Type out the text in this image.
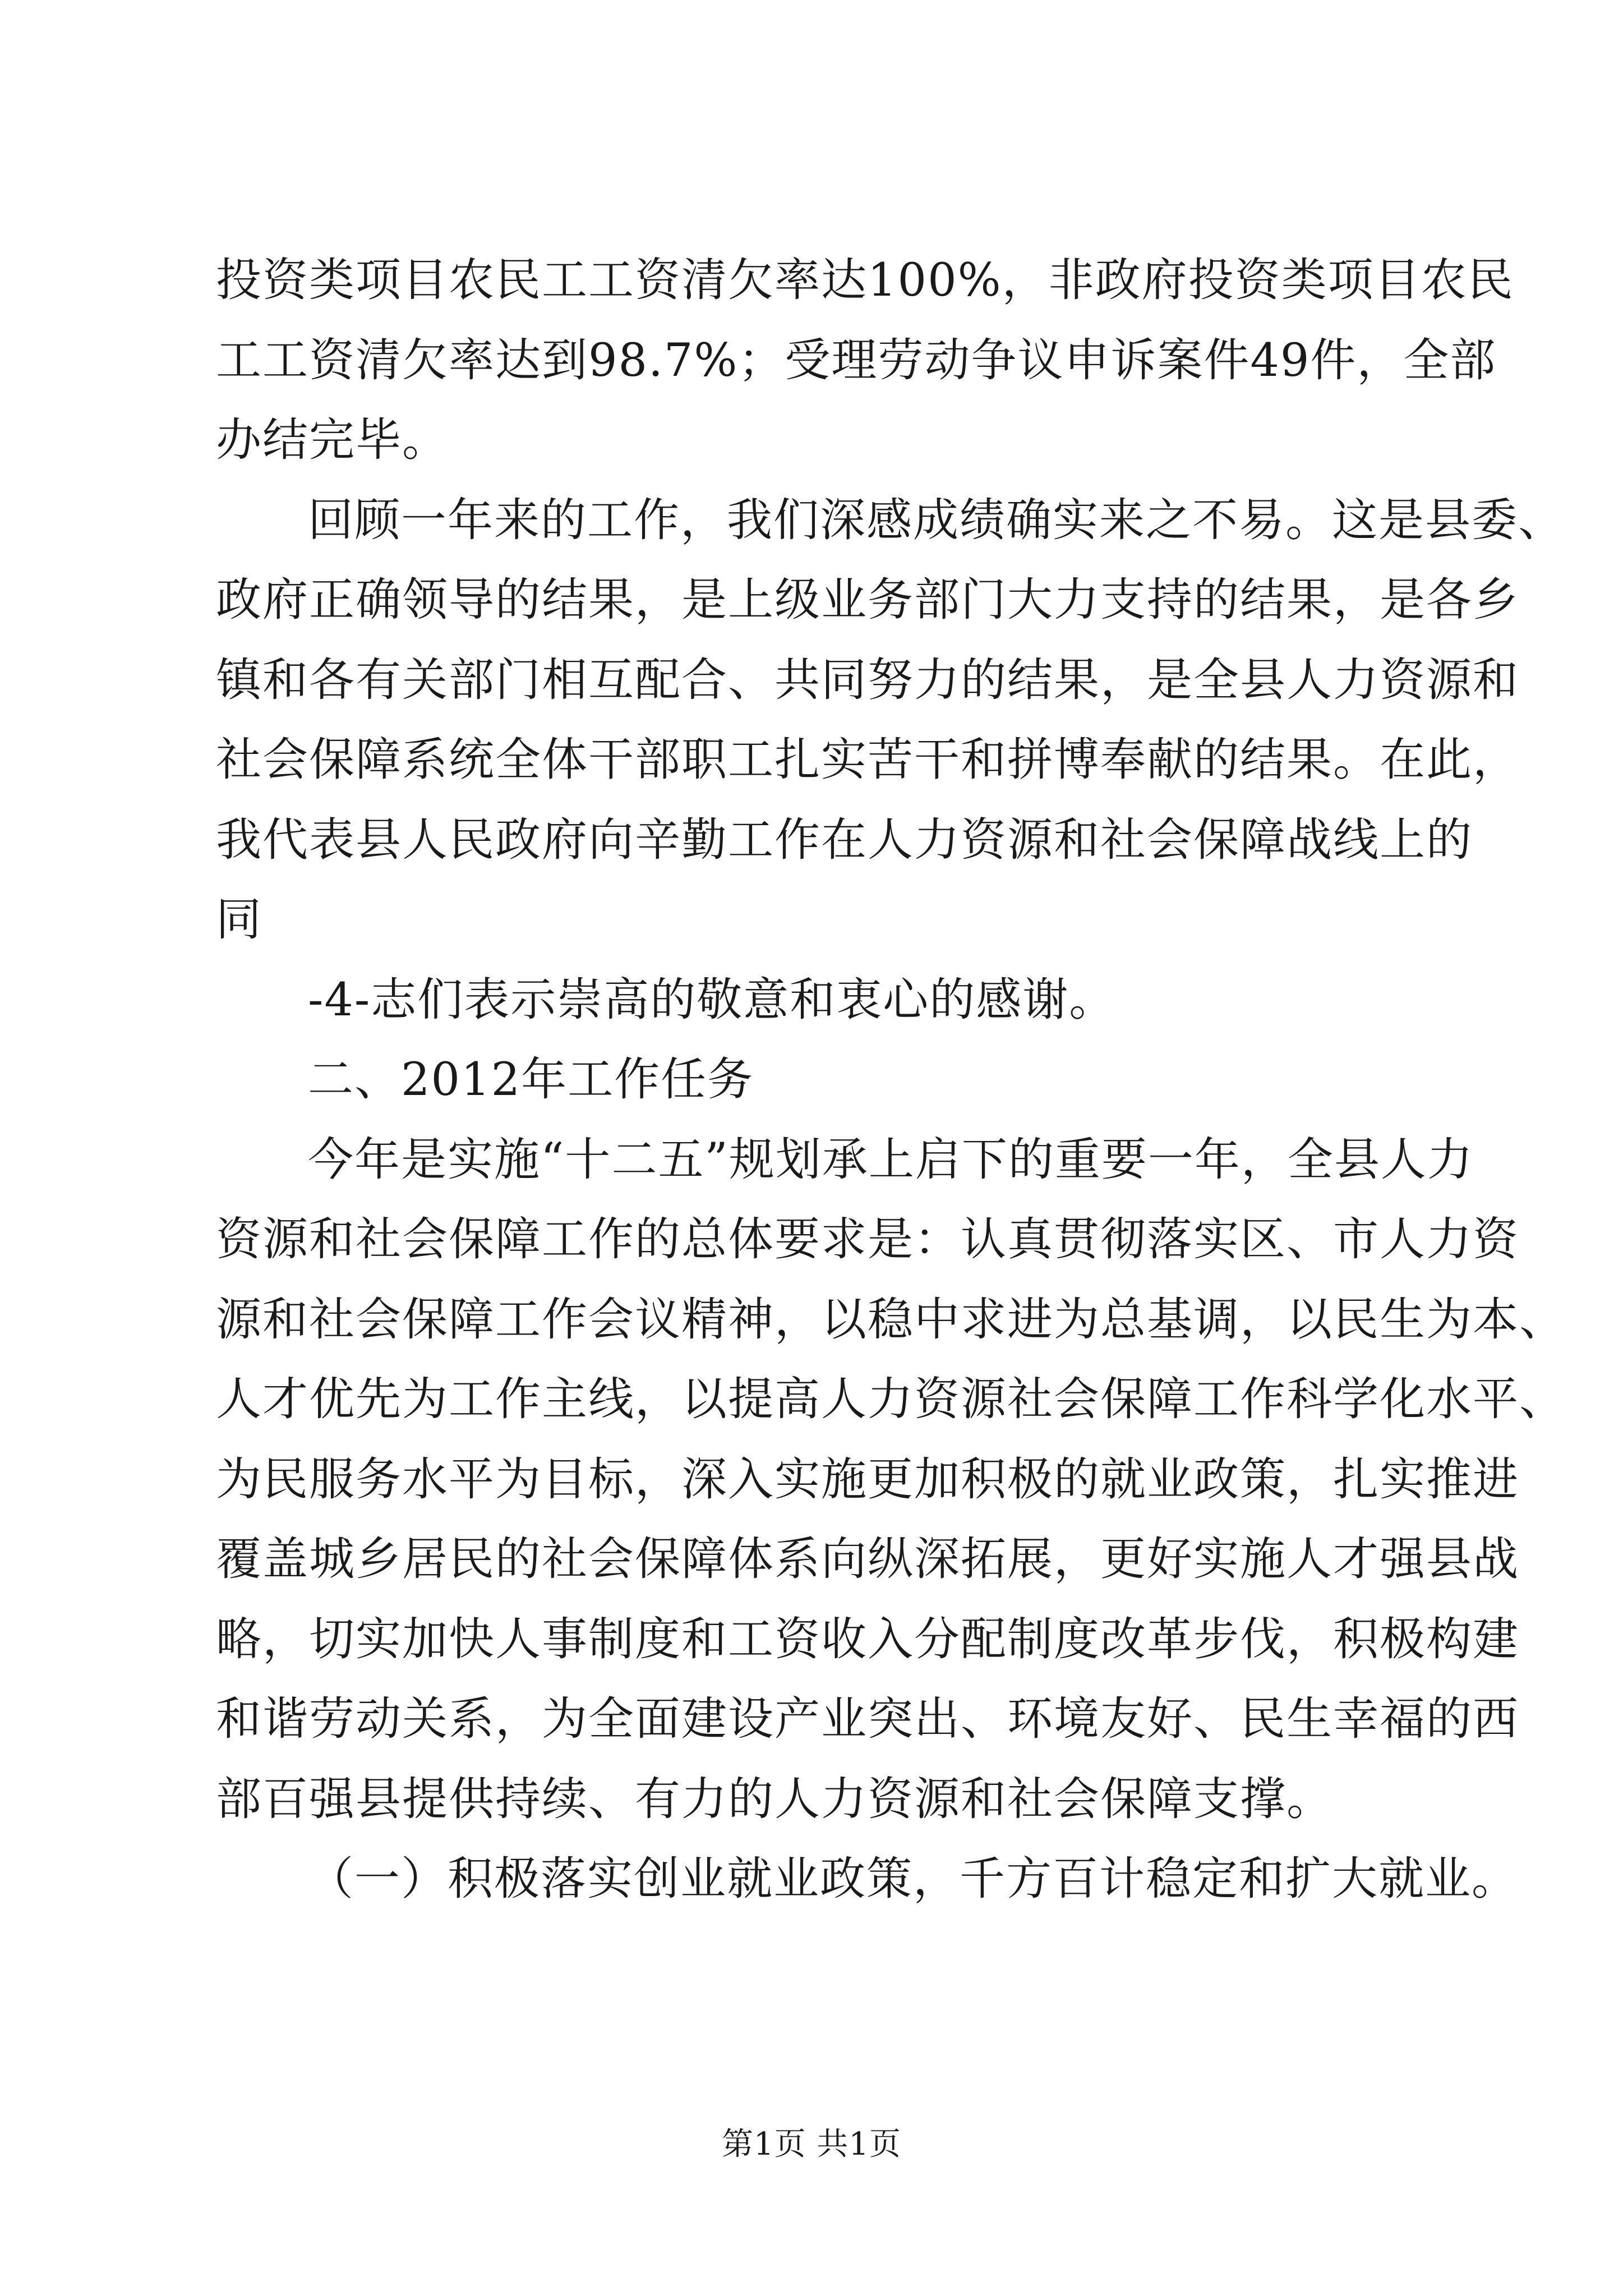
投资类项目农民工工资清欠率达100%，非政府投资类项目农民
工工资清欠率达到98.7%；受理劳动争议申诉案件49件，全部
办结完毕。
回顾一年来的工作，我们深感成绩确实来之不易。这是县委、
政府正确领导的结果，是上级业务部门大力支持的结果，是各乡
镇和各有关部门相互配合、共同努力的结果，是全县人力资源和
社会保障系统全体干部职工扎实苦干和拼博奉献的结果。在此，
我代表县人民政府向辛勤工作在人力资源和社会保障战线上的
同
-4-志们表示崇高的敬意和衷心的感谢。
二、2012年工作任务
今年是实施“十二五”规划承上启下的重要一年，全县人力
资源和社会保障工作的总体要求是：认真贯彻落实区、市人力资
源和社会保障工作会议精神，以稳中求进为总基调，以民生为本、
人才优先为工作主线，以提高人力资源社会保障工作科学化水平、
为民服务水平为目标，深入实施更加积极的就业政策，扎实推进
覆盖城乡居民的社会保障体系向纵深拓展，更好实施人才强县战
略，切实加快人事制度和工资收入分配制度改革步伐，积极构建
和谐劳动关系，为全面建设产业突出、环境友好、民生幸福的西
部百强县提供持续、有力的人力资源和社会保障支撑。
（一）积极落实创业就业政策，千方百计稳定和扩大就业。
第1页 共1页
